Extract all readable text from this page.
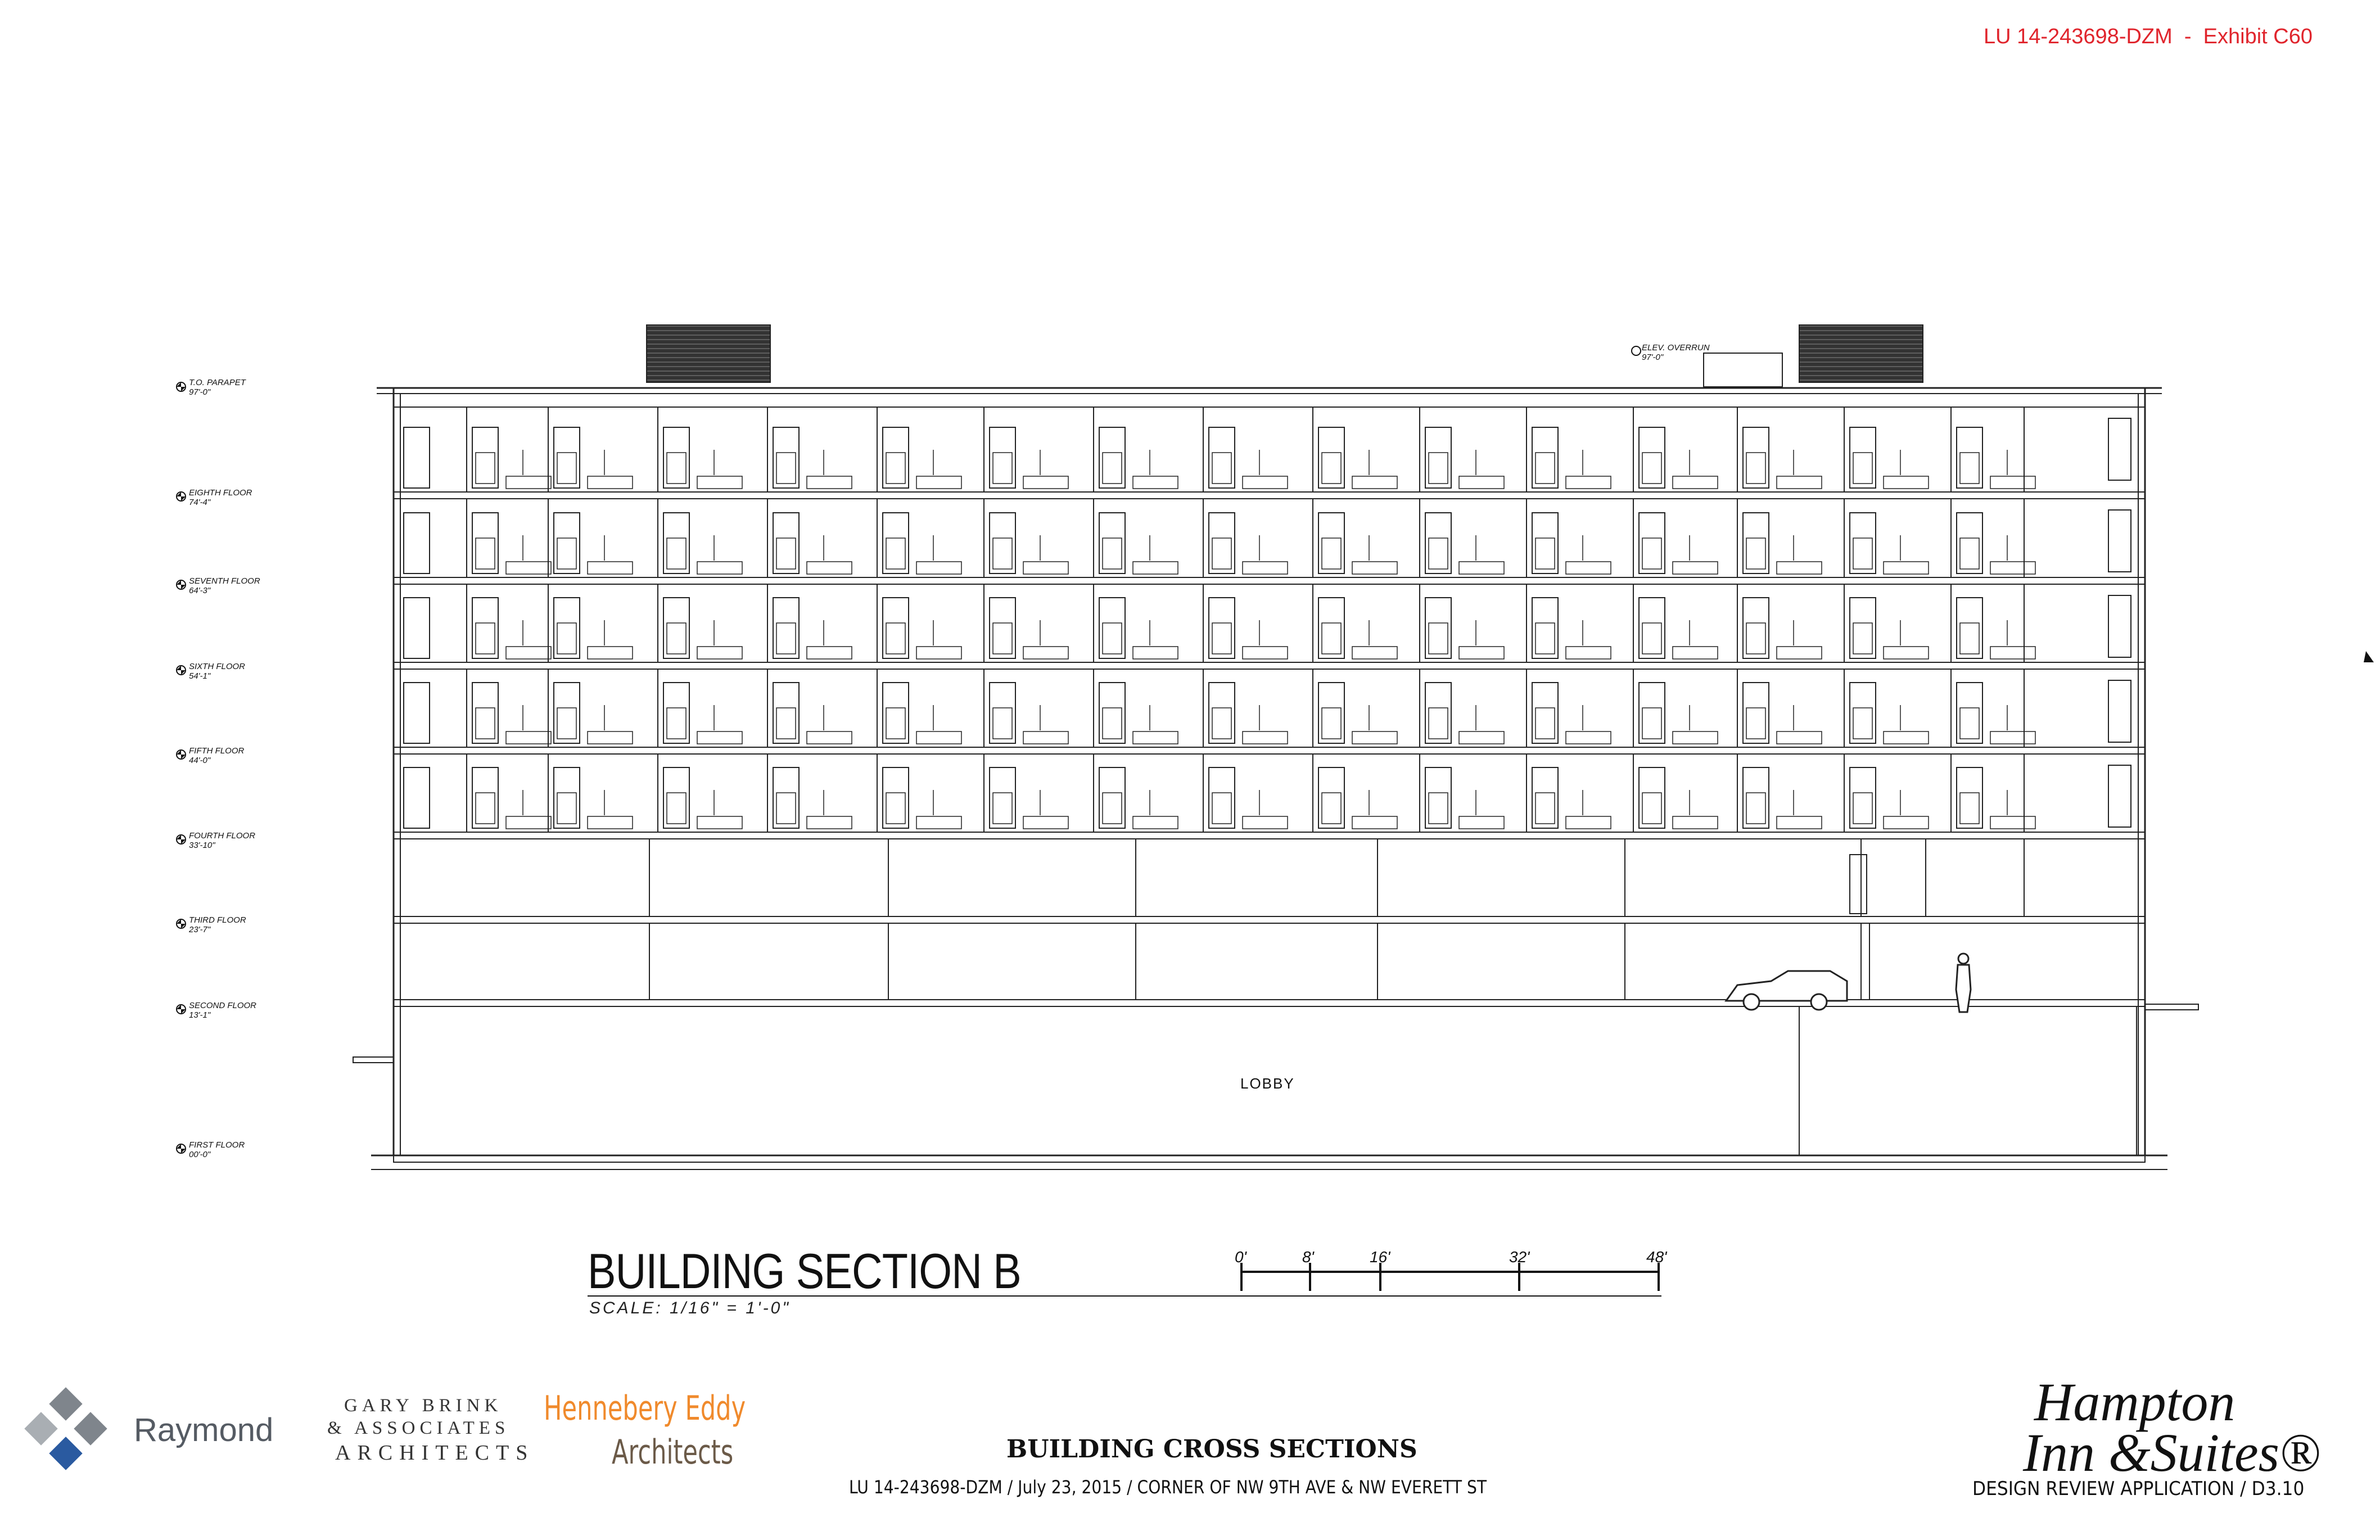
LU 14-243698-DZM  -  Exhibit C60
BUILDING SECTION B
SCALE: 1/16" = 1'-0"
0'	8'	16'	32'	48'
LOBBY
ELEV. OVERRUN
97'-0"
T.O. PARAPET
97'-0"
EIGHTH FLOOR
74'-4"
SEVENTH FLOOR
64'-3"
SIXTH FLOOR
54'-1"
FIFTH FLOOR
44'-0"
FOURTH FLOOR
33'-10"
THIRD FLOOR
23'-7"
SECOND FLOOR
13'-1"
FIRST FLOOR
00'-0"
Raymond
GARY BRINK
& ASSOCIATES
ARCHITECTS
Hennebery Eddy
Architects	BUILDING CROSS SECTIONS
LU 14-243698-DZM / July 23, 2015 / CORNER OF NW 9TH AVE & NW EVERETT ST
Hampton
Inn &Suites®
DESIGN REVIEW APPLICATION / D3.10
